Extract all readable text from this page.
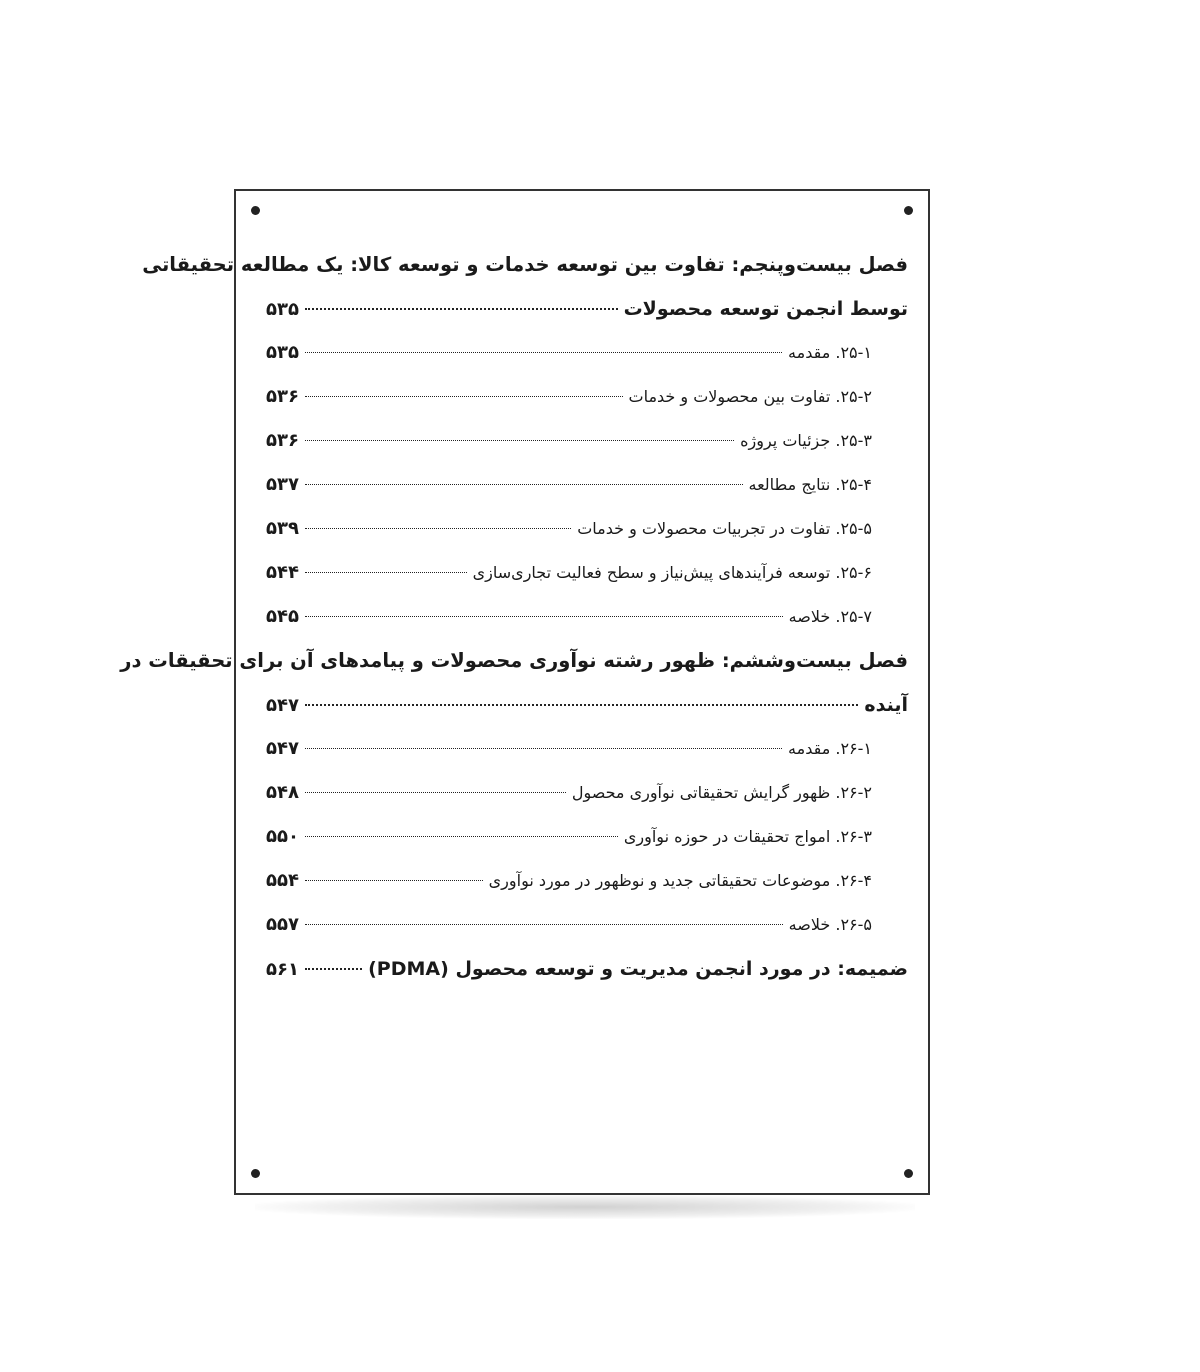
فصل بیست‌وپنجم: تفاوت بین توسعه خدمات و توسعه کالا: یک مطالعه تحقیقاتی
توسط انجمن توسعه محصولات
۵۳۵
۲۵-۱. مقدمه
۵۳۵
۲۵-۲. تفاوت بین محصولات و خدمات
۵۳۶
۲۵-۳. جزئیات پروژه
۵۳۶
۲۵-۴. نتایج مطالعه
۵۳۷
۲۵-۵. تفاوت در تجربیات محصولات و خدمات
۵۳۹
۲۵-۶. توسعه فرآیندهای پیش‌نیاز و سطح فعالیت تجاری‌سازی
۵۴۴
۲۵-۷. خلاصه
۵۴۵
فصل بیست‌وششم: ظهور رشته نوآوری محصولات و پیامدهای آن برای تحقیقات در
آینده
۵۴۷
۲۶-۱. مقدمه
۵۴۷
۲۶-۲. ظهور گرایش تحقیقاتی نوآوری محصول
۵۴۸
۲۶-۳. امواج تحقیقات در حوزه نوآوری
۵۵۰
۲۶-۴. موضوعات تحقیقاتی جدید و نوظهور در مورد نوآوری
۵۵۴
۲۶-۵. خلاصه
۵۵۷
ضمیمه: در مورد انجمن مدیریت و توسعه محصول (PDMA)
۵۶۱
